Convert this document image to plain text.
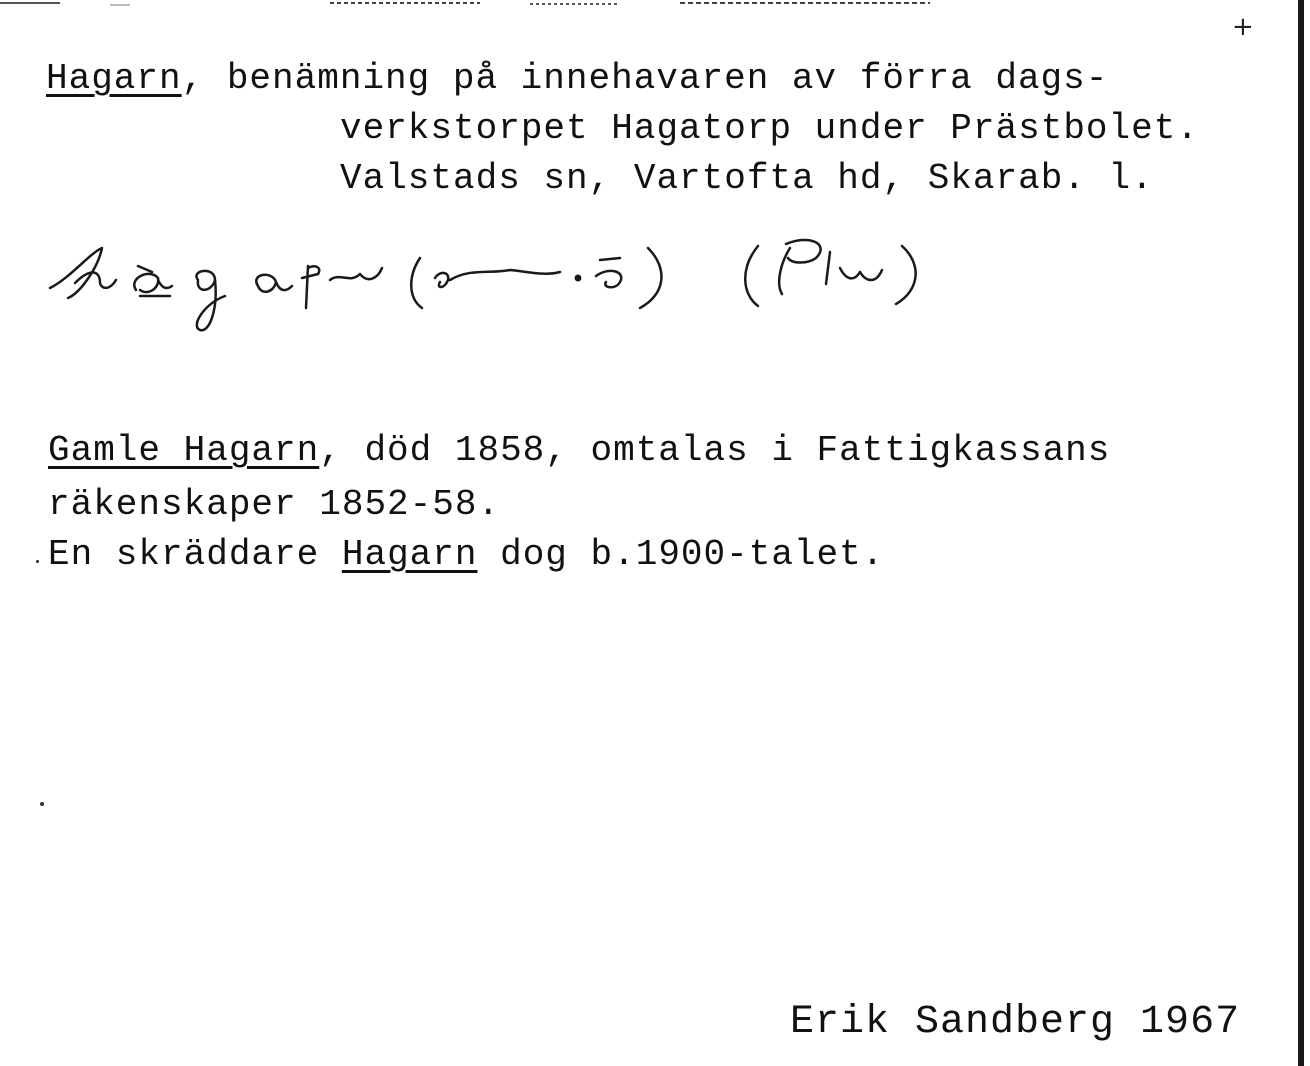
+
Hagarn, benämning på innehavaren av förra dags-
verkstorpet Hagatorp under Prästbolet.
Valstads sn, Vartofta hd, Skarab. l.
Gamle Hagarn, död 1858, omtalas i Fattigkassans
räkenskaper 1852-58.
En skräddare Hagarn dog b.1900-talet.
Erik Sandberg 1967
